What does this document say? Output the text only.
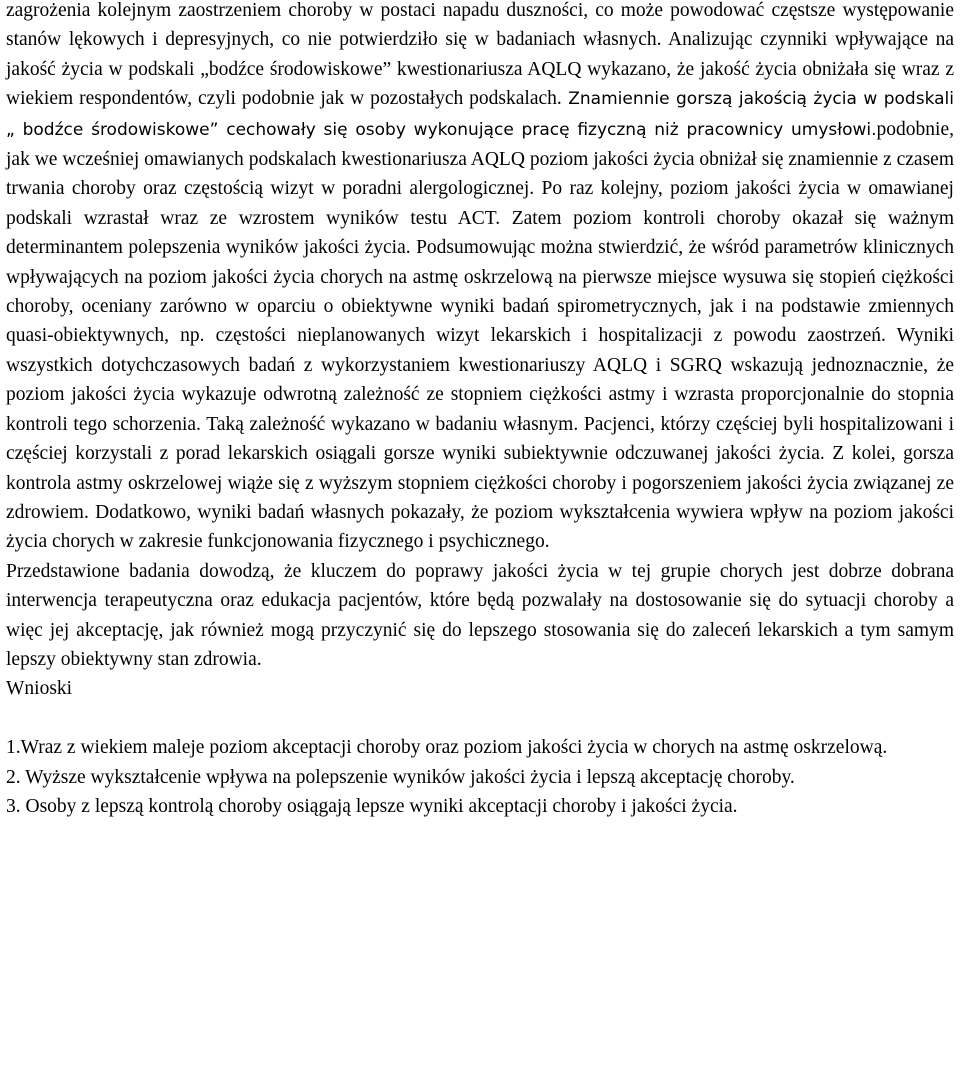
zagrożenia kolejnym zaostrzeniem choroby w postaci napadu duszności, co może powodować częstsze występowanie stanów lękowych i depresyjnych, co nie potwierdziło się w badaniach własnych. Analizując czynniki wpływające na jakość życia w podskali „bodźce środowiskowe” kwestionariusza AQLQ wykazano, że jakość życia obniżała się wraz z wiekiem respondentów, czyli podobnie jak w pozostałych podskalach. Znamiennie gorszą jakością życia w podskali „ bodźce środowiskowe” cechowały się osoby wykonujące pracę fizyczną niż pracownicy umysłowi.podobnie, jak we wcześniej omawianych podskalach kwestionariusza AQLQ poziom jakości życia obniżał się znamiennie z czasem trwania choroby oraz częstością wizyt w poradni alergologicznej. Po raz kolejny, poziom jakości życia w omawianej podskali wzrastał wraz ze wzrostem wyników testu ACT. Zatem poziom kontroli choroby okazał się ważnym determinantem polepszenia wyników jakości życia. Podsumowując można stwierdzić, że wśród parametrów klinicznych wpływających na poziom jakości życia chorych na astmę oskrzelową na pierwsze miejsce wysuwa się stopień ciężkości choroby, oceniany zarówno w oparciu o obiektywne wyniki badań spirometrycznych, jak i na podstawie zmiennych quasi-obiektywnych, np. częstości nieplanowanych wizyt lekarskich i hospitalizacji z powodu zaostrzeń. Wyniki wszystkich dotychczasowych badań z wykorzystaniem kwestionariuszy AQLQ i SGRQ wskazują jednoznacznie, że poziom jakości życia wykazuje odwrotną zależność ze stopniem ciężkości astmy i wzrasta proporcjonalnie do stopnia kontroli tego schorzenia. Taką zależność wykazano w badaniu własnym. Pacjenci, którzy częściej byli hospitalizowani i częściej korzystali z porad lekarskich osiągali gorsze wyniki subiektywnie odczuwanej jakości życia. Z kolei, gorsza kontrola astmy oskrzelowej wiąże się z wyższym stopniem ciężkości choroby i pogorszeniem jakości życia związanej ze zdrowiem. Dodatkowo, wyniki badań własnych pokazały, że poziom wykształcenia wywiera wpływ na poziom jakości życia chorych w zakresie funkcjonowania fizycznego i psychicznego.

Przedstawione badania dowodzą, że kluczem do poprawy jakości życia w tej grupie chorych jest dobrze dobrana interwencja terapeutyczna oraz edukacja pacjentów, które będą pozwalały na dostosowanie się do sytuacji choroby a więc jej akceptację, jak również mogą przyczynić się do lepszego stosowania się do zaleceń lekarskich a tym samym lepszy obiektywny stan zdrowia.

Wnioski

1.Wraz z wiekiem maleje poziom akceptacji choroby oraz poziom jakości życia w chorych na astmę oskrzelową.

2. Wyższe wykształcenie wpływa na polepszenie wyników jakości życia i lepszą akceptację choroby.

3. Osoby z lepszą kontrolą choroby osiągają lepsze wyniki akceptacji choroby i jakości życia.
